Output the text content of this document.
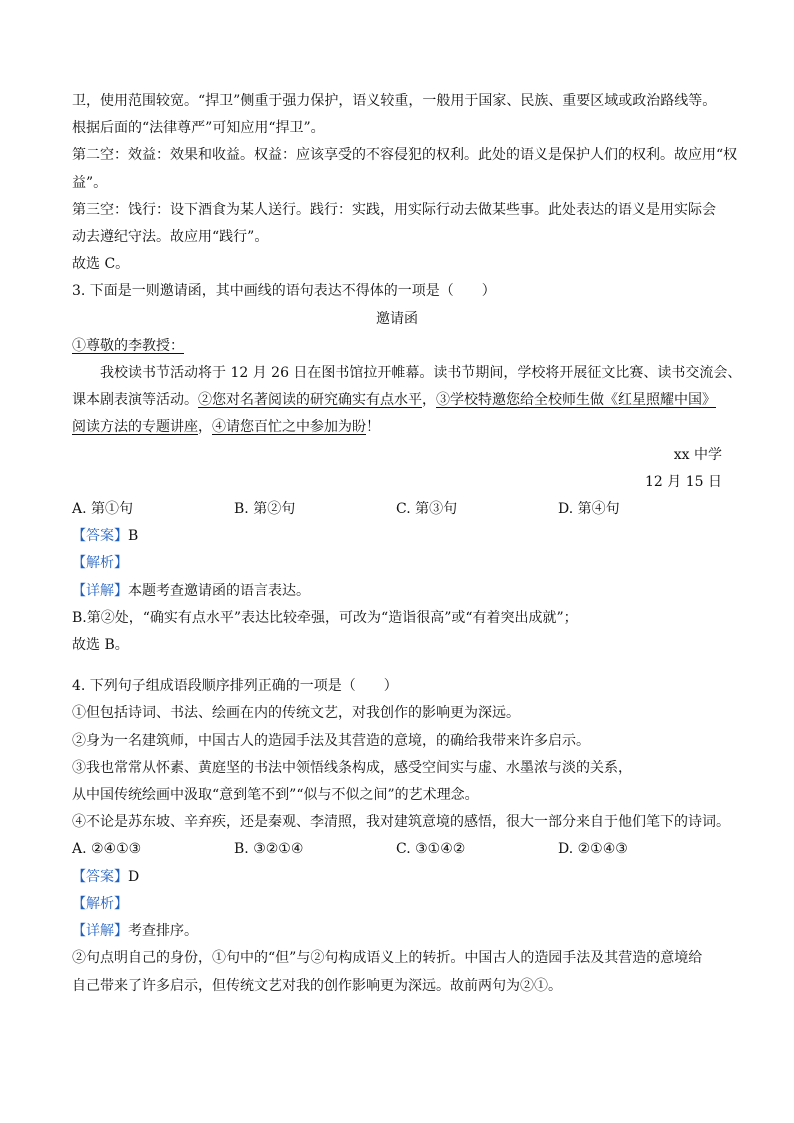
卫，使用范围较宽。“捍卫”侧重于强力保护，语义较重，一般用于国家、民族、重要区域或政治路线等。
根据后面的“法律尊严”可知应用“捍卫”。
第二空：效益：效果和收益。权益：应该享受的不容侵犯的权利。此处的语义是保护人们的权利。故应用“权
益”。
第三空：饯行：设下酒食为某人送行。践行：实践，用实际行动去做某些事。此处表达的语义是用实际会
动去遵纪守法。故应用“践行”。
故选 C。
3. 下面是一则邀请函，其中画线的语句表达不得体的一项是（　　）
邀请函
①尊敬的李教授：
我校读书节活动将于 12 月 26 日在图书馆拉开帷幕。读书节期间，学校将开展征文比赛、读书交流会、
课本剧表演等活动。②您对名著阅读的研究确实有点水平，③学校特邀您给全校师生做《红星照耀中国》
阅读方法的专题讲座，④请您百忙之中参加为盼！
xx 中学
12 月 15 日
A. 第①句	B. 第②句	C. 第③句	D. 第④句
【答案】B
【解析】
【详解】本题考查邀请函的语言表达。
B.第②处，“确实有点水平”表达比较牵强，可改为“造诣很高”或“有着突出成就”；
故选 B。
4. 下列句子组成语段顺序排列正确的一项是（　　）
①但包括诗词、书法、绘画在内的传统文艺，对我创作的影响更为深远。
②身为一名建筑师，中国古人的造园手法及其营造的意境，的确给我带来许多启示。
③我也常常从怀素、黄庭坚的书法中领悟线条构成，感受空间实与虚、水墨浓与淡的关系，
从中国传统绘画中汲取“意到笔不到”“似与不似之间”的艺术理念。
④不论是苏东坡、辛弃疾，还是秦观、李清照，我对建筑意境的感悟，很大一部分来自于他们笔下的诗词。
A. ②④①③	B. ③②①④	C. ③①④②	D. ②①④③
【答案】D
【解析】
【详解】考查排序。
②句点明自己的身份，①句中的“但”与②句构成语义上的转折。中国古人的造园手法及其营造的意境给
自己带来了许多启示，但传统文艺对我的创作影响更为深远。故前两句为②①。
